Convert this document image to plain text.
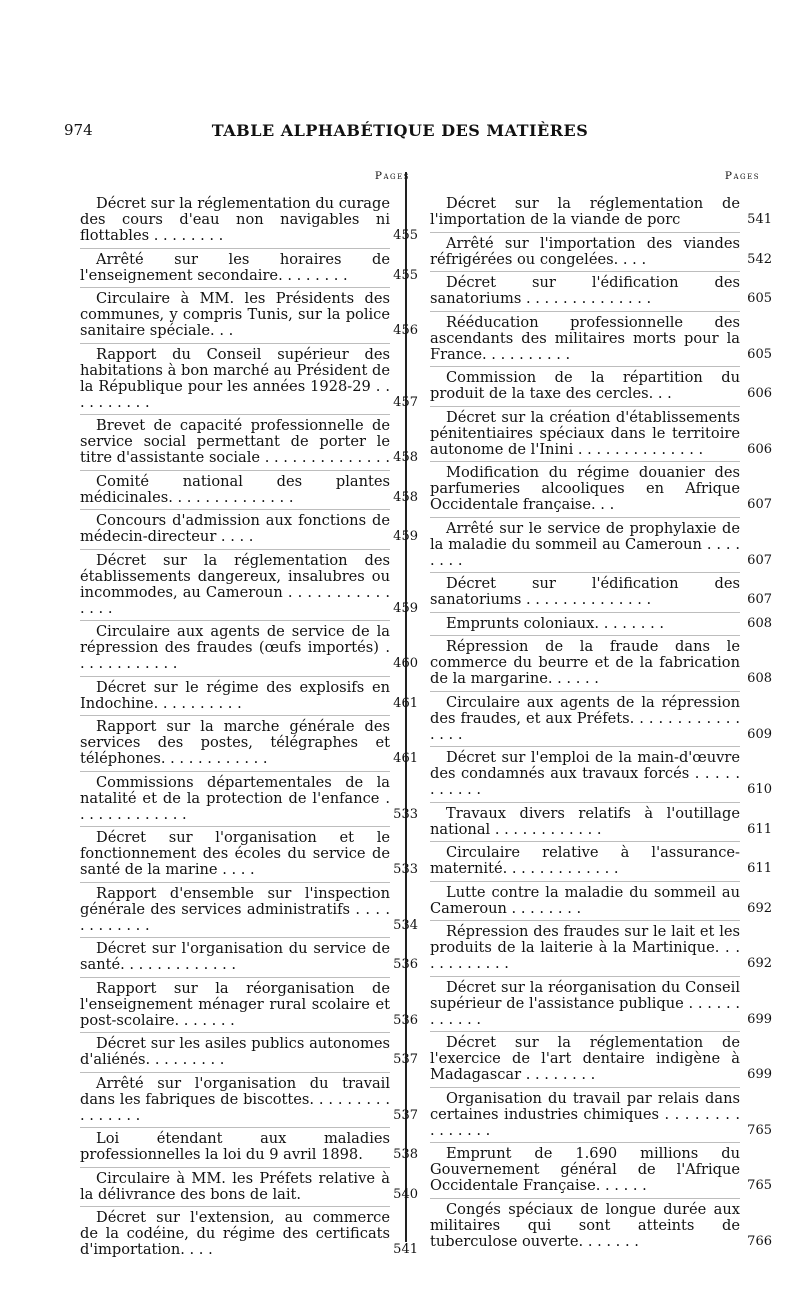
974	TABLE ALPHABÉTIQUE DES MATIÈRES
Pages
Décret sur la réglementation du curage des cours d'eau non navigables ni flottables . . . . . . . .	455
Arrêté sur les horaires de l'enseignement secondaire. . . . . . . .	455
Circulaire à MM. les Présidents des communes, y compris Tunis, sur la police sanitaire spéciale. . .	456
Rapport du Conseil supérieur des habitations à bon marché au Président de la République pour les années 1928-29 . . . . . . . . . .	457
Brevet de capacité professionnelle de service social permettant de porter le titre d'assistante sociale . . . . . . . . . . . . . . 458
Comité national des plantes médicinales. . . . . . . . . . . . . .	458
Concours d'admission aux fonctions de médecin-directeur . . . .	459
Décret sur la réglementation des établissements dangereux, insalubres ou incommodes, au Cameroun . . . . . . . . . . . . . . .	459
Circulaire aux agents de service de la répression des fraudes (œufs importés) . . . . . . . . . . . .	460
Décret sur le régime des explosifs en Indochine. . . . . . . . . .	461
Rapport sur la marche générale des services des postes, télégraphes et téléphones. . . . . . . . . . . .	461
Commissions départementales de la natalité et de la protection de l'enfance . . . . . . . . . . . . .	533
Décret sur l'organisation et le fonctionnement des écoles du service de santé de la marine . . . .	533
Rapport d'ensemble sur l'inspection générale des services administratifs . . . . . . . . . . . .	534
Décret sur l'organisation du service de santé. . . . . . . . . . . . .	536
Rapport sur la réorganisation de l'enseignement ménager rural scolaire et post-scolaire. . . . . . .	536
Décret sur les asiles publics autonomes d'aliénés. . . . . . . . .	537
Arrêté sur l'organisation du travail dans les fabriques de biscottes. . . . . . . . . . . . . . . .	537
Loi étendant aux maladies professionnelles la loi du 9 avril 1898.	538
Circulaire à MM. les Préfets relative à la délivrance des bons de lait.	540
Décret sur l'extension, au commerce de la codéine, du régime des certificats d'importation. . . .	541
Pages
Décret sur la réglementation de l'importation de la viande de porc	541
Arrêté sur l'importation des viandes réfrigérées ou congelées. . . .	542
Décret sur l'édification des sanatoriums . . . . . . . . . . . . . .	605
Rééducation professionnelle des ascendants des militaires morts pour la France. . . . . . . . . .	605
Commission de la répartition du produit de la taxe des cercles. . .	606
Décret sur la création d'établissements pénitentiaires spéciaux dans le territoire autonome de l'Inini . . . . . . . . . . . . . .	606
Modification du régime douanier des parfumeries alcooliques en Afrique Occidentale française. . .	607
Arrêté sur le service de prophylaxie de la maladie du sommeil au Cameroun . . . . . . . .	607
Décret sur l'édification des sanatoriums . . . . . . . . . . . . . .	607
Emprunts coloniaux. . . . . . . .	608
Répression de la fraude dans le commerce du beurre et de la fabrication de la margarine. . . . . .	608
Circulaire aux agents de la répression des fraudes, et aux Préfets. . . . . . . . . . . . . . . .	609
Décret sur l'emploi de la main-d'œuvre des condamnés aux travaux forcés . . . . . . . . . . .	610
Travaux divers relatifs à l'outillage national . . . . . . . . . . . .	611
Circulaire relative à l'assurance-maternité. . . . . . . . . . . . .	611
Lutte contre la maladie du sommeil au Cameroun . . . . . . . .	692
Répression des fraudes sur le lait et les produits de la laiterie à la Martinique. . . . . . . . . . . .	692
Décret sur la réorganisation du Conseil supérieur de l'assistance publique . . . . . . . . . . . .	699
Décret sur la réglementation de l'exercice de l'art dentaire indigène à Madagascar . . . . . . . .	699
Organisation du travail par relais dans certaines industries chimiques . . . . . . . . . . . . . . .	765
Emprunt de 1.690 millions du Gouvernement général de l'Afrique Occidentale Française. . . . . .	765
Congés spéciaux de longue durée aux militaires qui sont atteints de tuberculose ouverte. . . . . . .	766
